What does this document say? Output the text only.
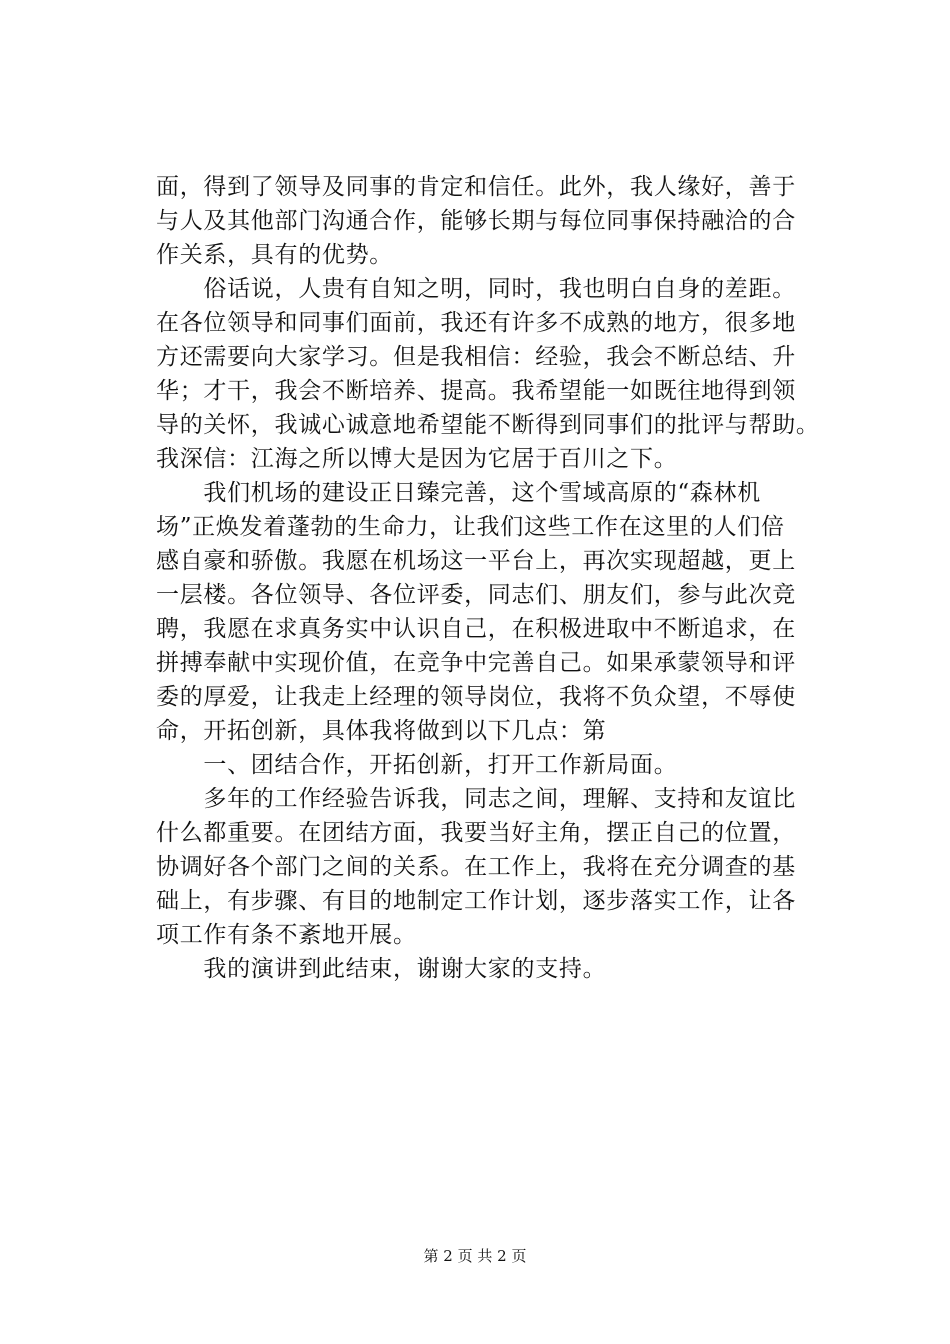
面，得到了领导及同事的肯定和信任。此外，我人缘好，善于
与人及其他部门沟通合作，能够长期与每位同事保持融洽的合
作关系，具有的优势。
　　俗话说，人贵有自知之明，同时，我也明白自身的差距。
在各位领导和同事们面前，我还有许多不成熟的地方，很多地
方还需要向大家学习。但是我相信：经验，我会不断总结、升
华；才干，我会不断培养、提高。我希望能一如既往地得到领
导的关怀，我诚心诚意地希望能不断得到同事们的批评与帮助。
我深信：江海之所以博大是因为它居于百川之下。
　　我们机场的建设正日臻完善，这个雪域高原的“森林机
场”正焕发着蓬勃的生命力，让我们这些工作在这里的人们倍
感自豪和骄傲。我愿在机场这一平台上，再次实现超越，更上
一层楼。各位领导、各位评委，同志们、朋友们，参与此次竞
聘，我愿在求真务实中认识自己，在积极进取中不断追求，在
拼搏奉献中实现价值，在竞争中完善自己。如果承蒙领导和评
委的厚爱，让我走上经理的领导岗位，我将不负众望，不辱使
命，开拓创新，具体我将做到以下几点：第
　　一、团结合作，开拓创新，打开工作新局面。
　　多年的工作经验告诉我，同志之间，理解、支持和友谊比
什么都重要。在团结方面，我要当好主角，摆正自己的位置，
协调好各个部门之间的关系。在工作上，我将在充分调查的基
础上，有步骤、有目的地制定工作计划，逐步落实工作，让各
项工作有条不紊地开展。
　　我的演讲到此结束，谢谢大家的支持。
第 2 页 共 2 页
